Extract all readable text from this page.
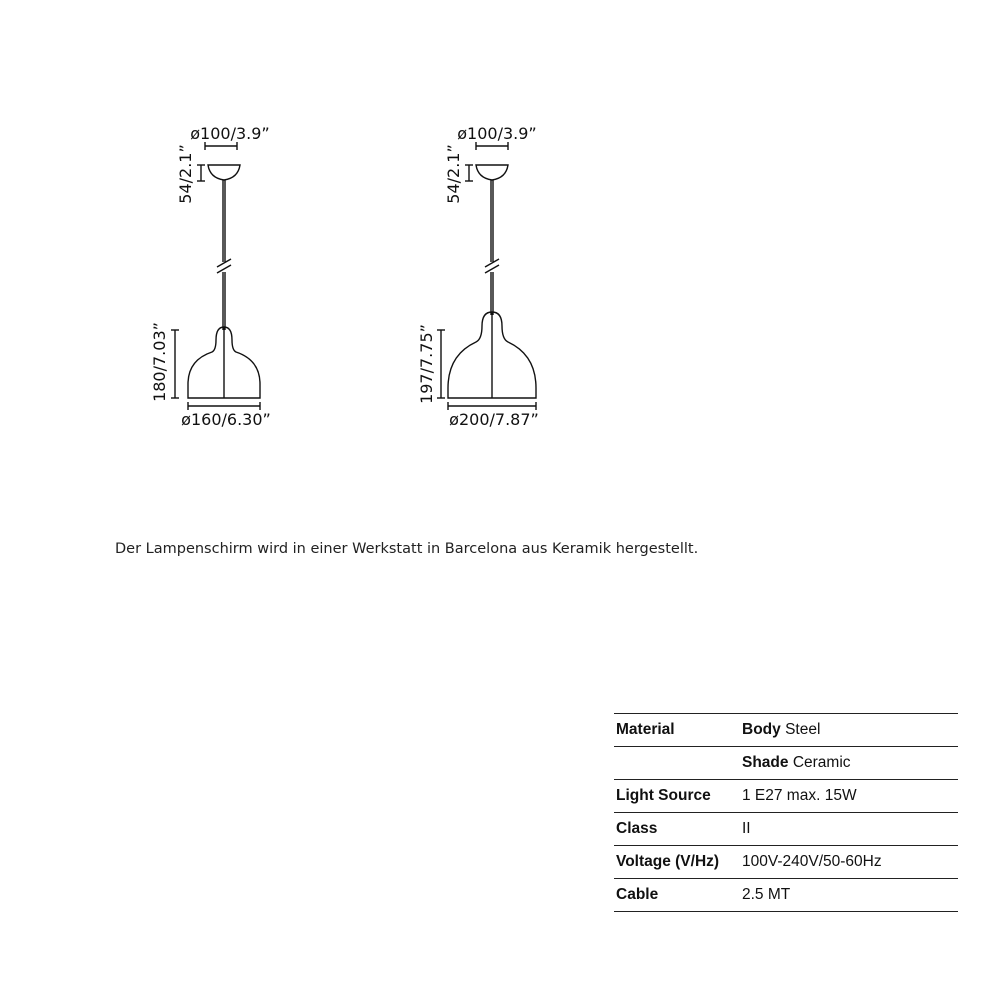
ø100/3.9”
54/2.1”
180/7.03”
ø160/6.30”
ø100/3.9”
54/2.1”
197/7.75”
ø200/7.87”

Der Lampenschirm wird in einer Werkstatt in Barcelona aus Keramik hergestellt.

Material	Body Steel
	Shade Ceramic
Light Source	1 E27 max. 15W
Class	II
Voltage (V/Hz)	100V-240V/50-60Hz
Cable	2.5 MT
